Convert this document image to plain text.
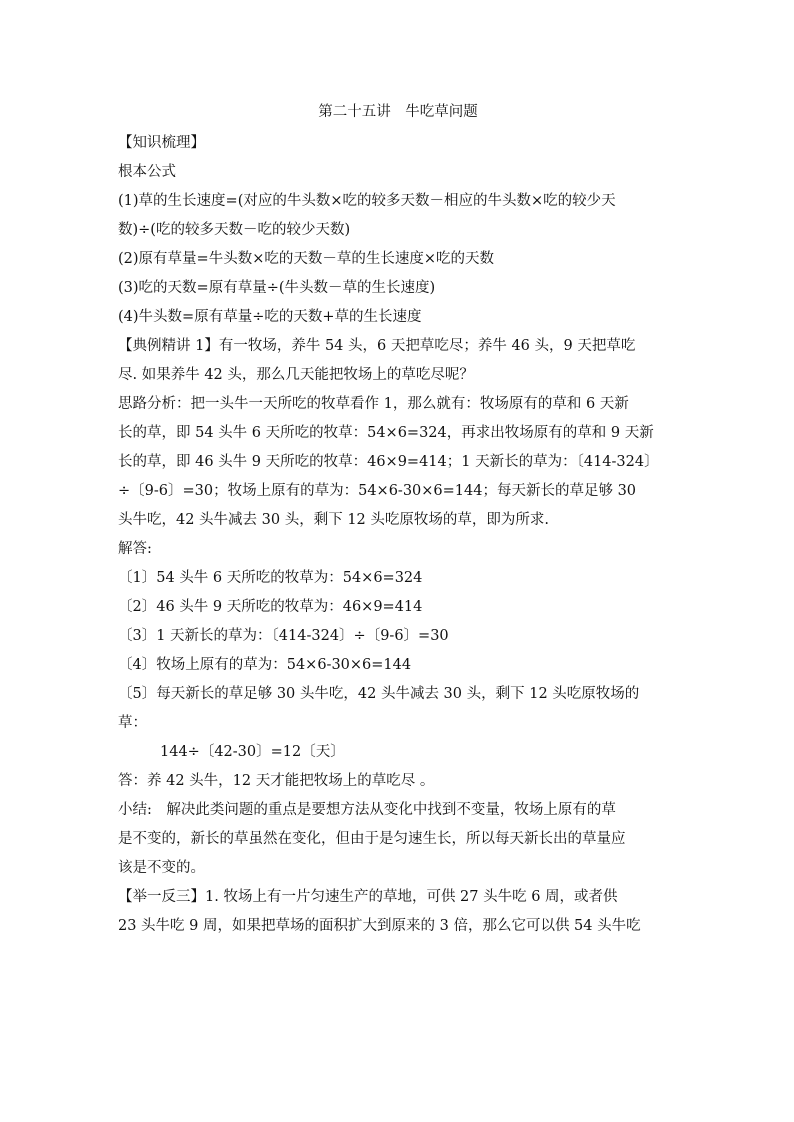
第二十五讲　牛吃草问题
【知识梳理】
根本公式
(1)草的生长速度=(对应的牛头数×吃的较多天数－相应的牛头数×吃的较少天
数)÷(吃的较多天数－吃的较少天数)
(2)原有草量=牛头数×吃的天数－草的生长速度×吃的天数
(3)吃的天数=原有草量÷(牛头数－草的生长速度)
(4)牛头数=原有草量÷吃的天数+草的生长速度
【典例精讲 1】有一牧场，养牛 54 头，6 天把草吃尽；养牛 46 头，9 天把草吃
尽. 如果养牛 42 头，那么几天能把牧场上的草吃尽呢？
思路分析：把一头牛一天所吃的牧草看作 1，那么就有：牧场原有的草和 6 天新
长的草，即 54 头牛 6 天所吃的牧草：54×6=324，再求出牧场原有的草和 9 天新
长的草，即 46 头牛 9 天所吃的牧草：46×9=414；1 天新长的草为：〔414-324〕
÷〔9-6〕=30；牧场上原有的草为：54×6-30×6=144；每天新长的草足够 30
头牛吃，42 头牛减去 30 头，剩下 12 头吃原牧场的草，即为所求.
解答:
〔1〕54 头牛 6 天所吃的牧草为：54×6=324
〔2〕46 头牛 9 天所吃的牧草为：46×9=414
〔3〕1 天新长的草为：〔414-324〕÷〔9-6〕=30
〔4〕牧场上原有的草为：54×6-30×6=144
〔5〕每天新长的草足够 30 头牛吃，42 头牛减去 30 头，剩下 12 头吃原牧场的
草：
144÷〔42-30〕=12〔天〕
答：养 42 头牛，12 天才能把牧场上的草吃尽 。
小结:　解决此类问题的重点是要想方法从变化中找到不变量，牧场上原有的草
是不变的，新长的草虽然在变化，但由于是匀速生长，所以每天新长出的草量应
该是不变的。
【举一反三】1. 牧场上有一片匀速生产的草地，可供 27 头牛吃 6 周，或者供
23 头牛吃 9 周，如果把草场的面积扩大到原来的 3 倍，那么它可以供 54 头牛吃
